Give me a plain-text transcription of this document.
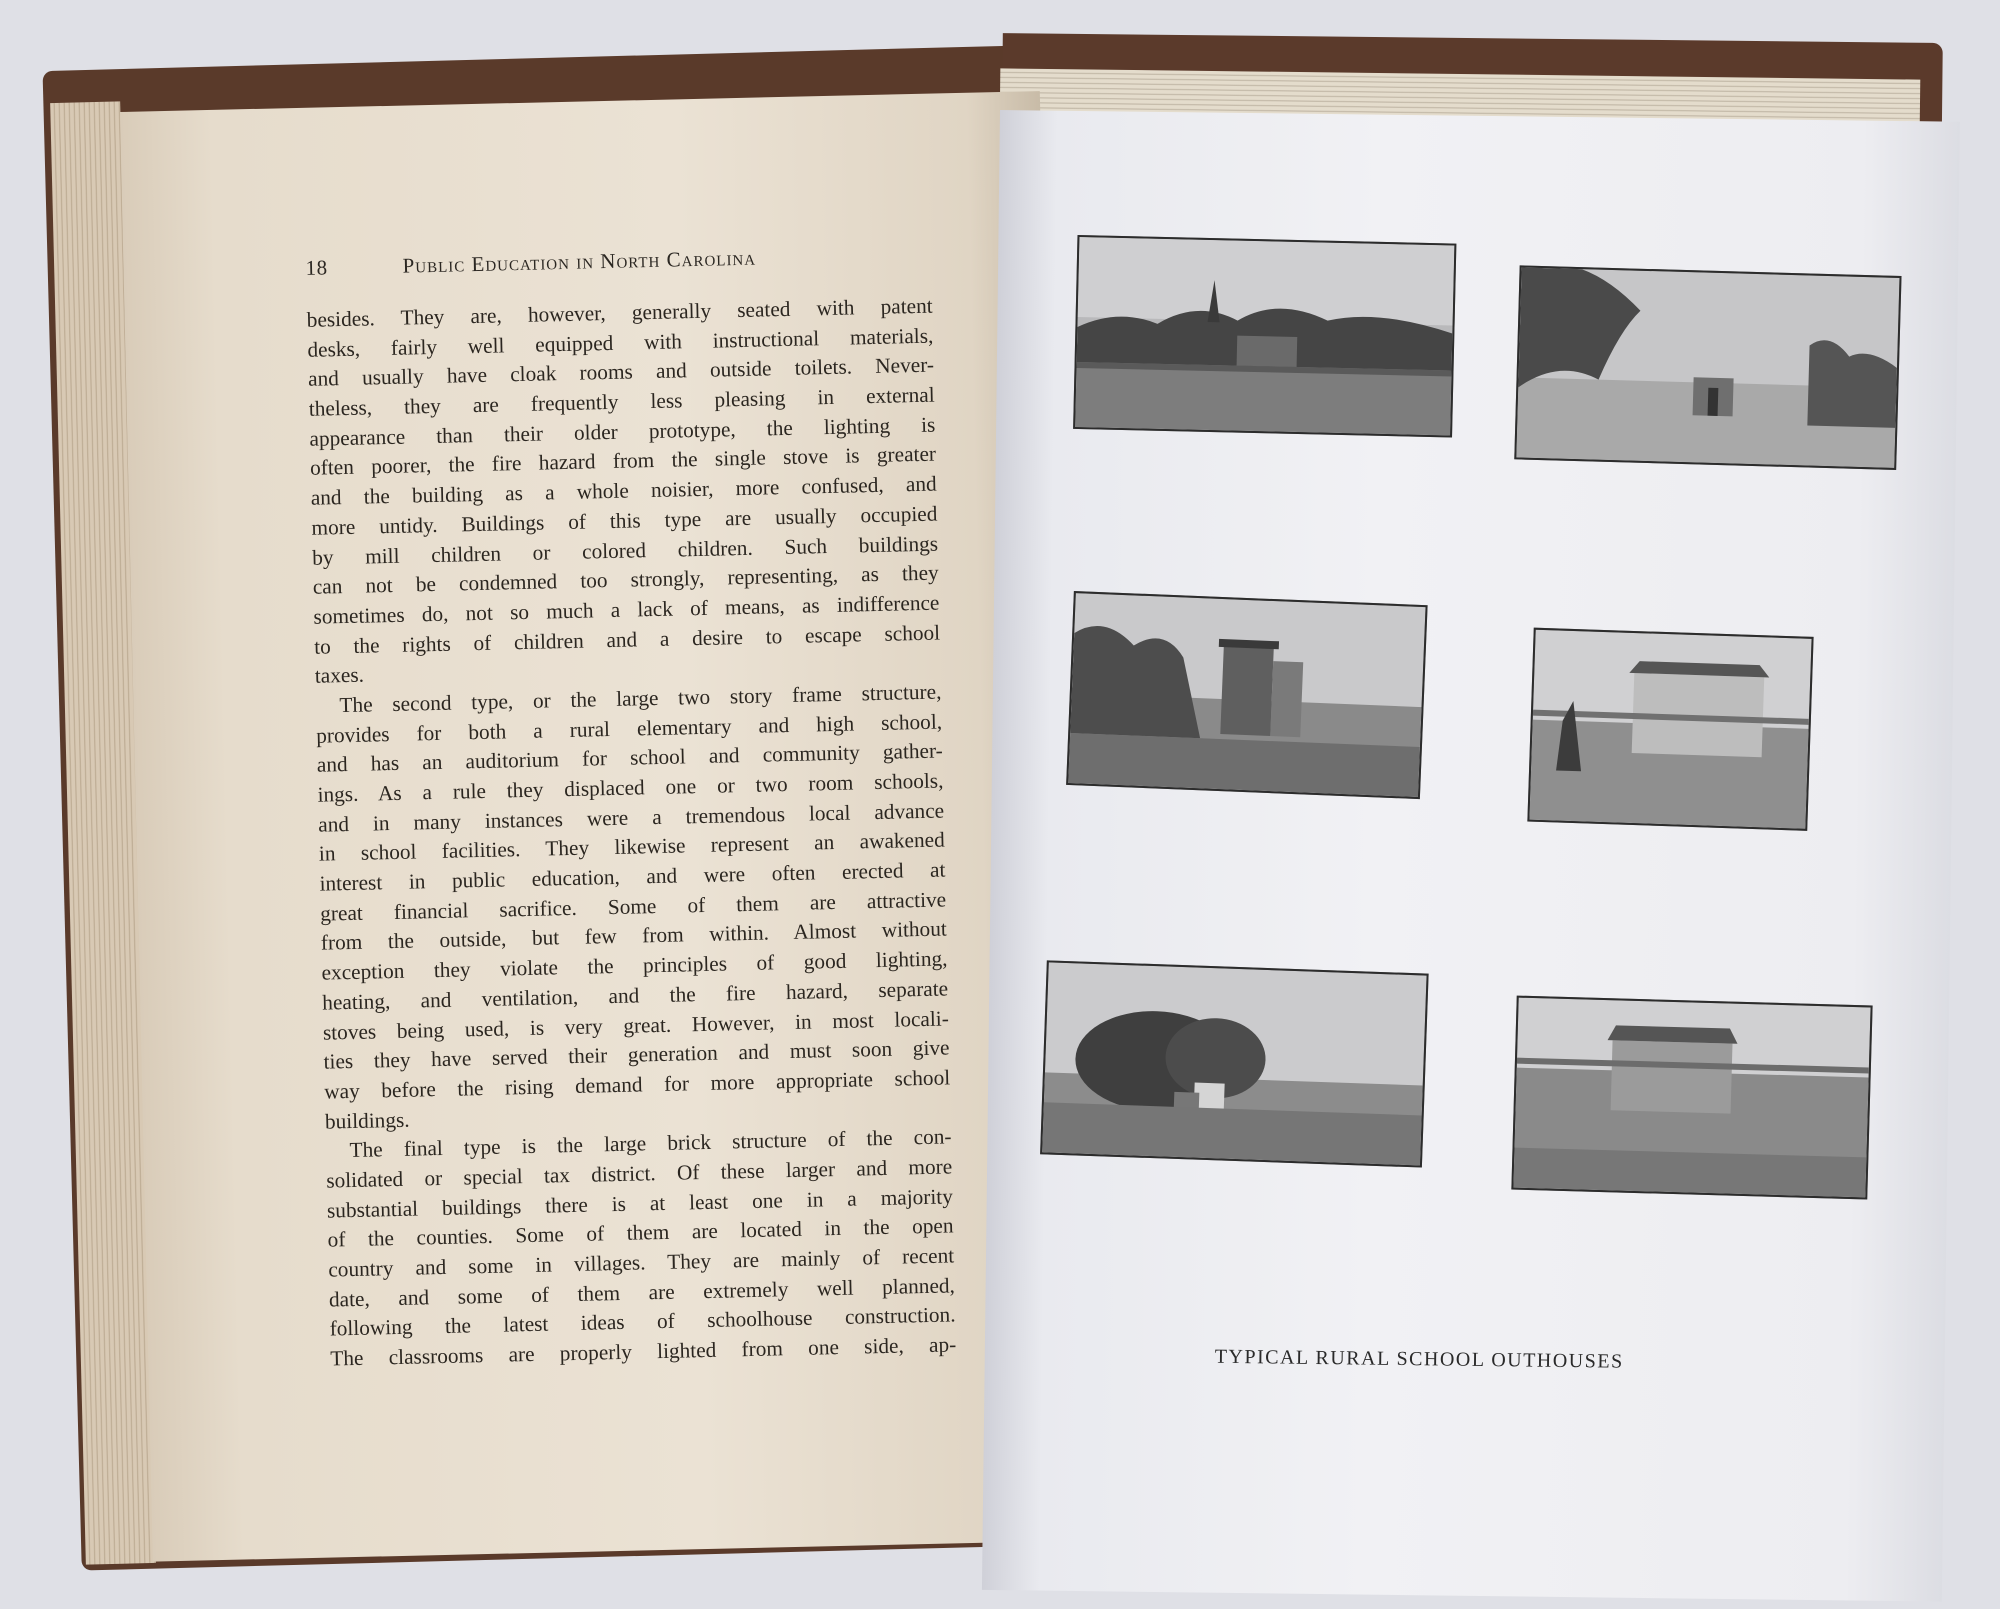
18	Public Education in North Carolina
besides. They are, however, generally seated with patent
desks, fairly well equipped with instructional materials,
and usually have cloak rooms and outside toilets. Never-
theless, they are frequently less pleasing in external
appearance than their older prototype, the lighting is
often poorer, the fire hazard from the single stove is greater
and the building as a whole noisier, more confused, and
more untidy. Buildings of this type are usually occupied
by mill children or colored children. Such buildings
can not be condemned too strongly, representing, as they
sometimes do, not so much a lack of means, as indifference
to the rights of children and a desire to escape school
taxes.
The second type, or the large two story frame structure,
provides for both a rural elementary and high school,
and has an auditorium for school and community gather-
ings. As a rule they displaced one or two room schools,
and in many instances were a tremendous local advance
in school facilities. They likewise represent an awakened
interest in public education, and were often erected at
great financial sacrifice. Some of them are attractive
from the outside, but few from within. Almost without
exception they violate the principles of good lighting,
heating, and ventilation, and the fire hazard, separate
stoves being used, is very great. However, in most locali-
ties they have served their generation and must soon give
way before the rising demand for more appropriate school
buildings.
The final type is the large brick structure of the con-
solidated or special tax district. Of these larger and more
substantial buildings there is at least one in a majority
of the counties. Some of them are located in the open
country and some in villages. They are mainly of recent
date, and some of them are extremely well planned,
following the latest ideas of schoolhouse construction.
The classrooms are properly lighted from one side, ap-	TYPICAL RURAL SCHOOL OUTHOUSES
